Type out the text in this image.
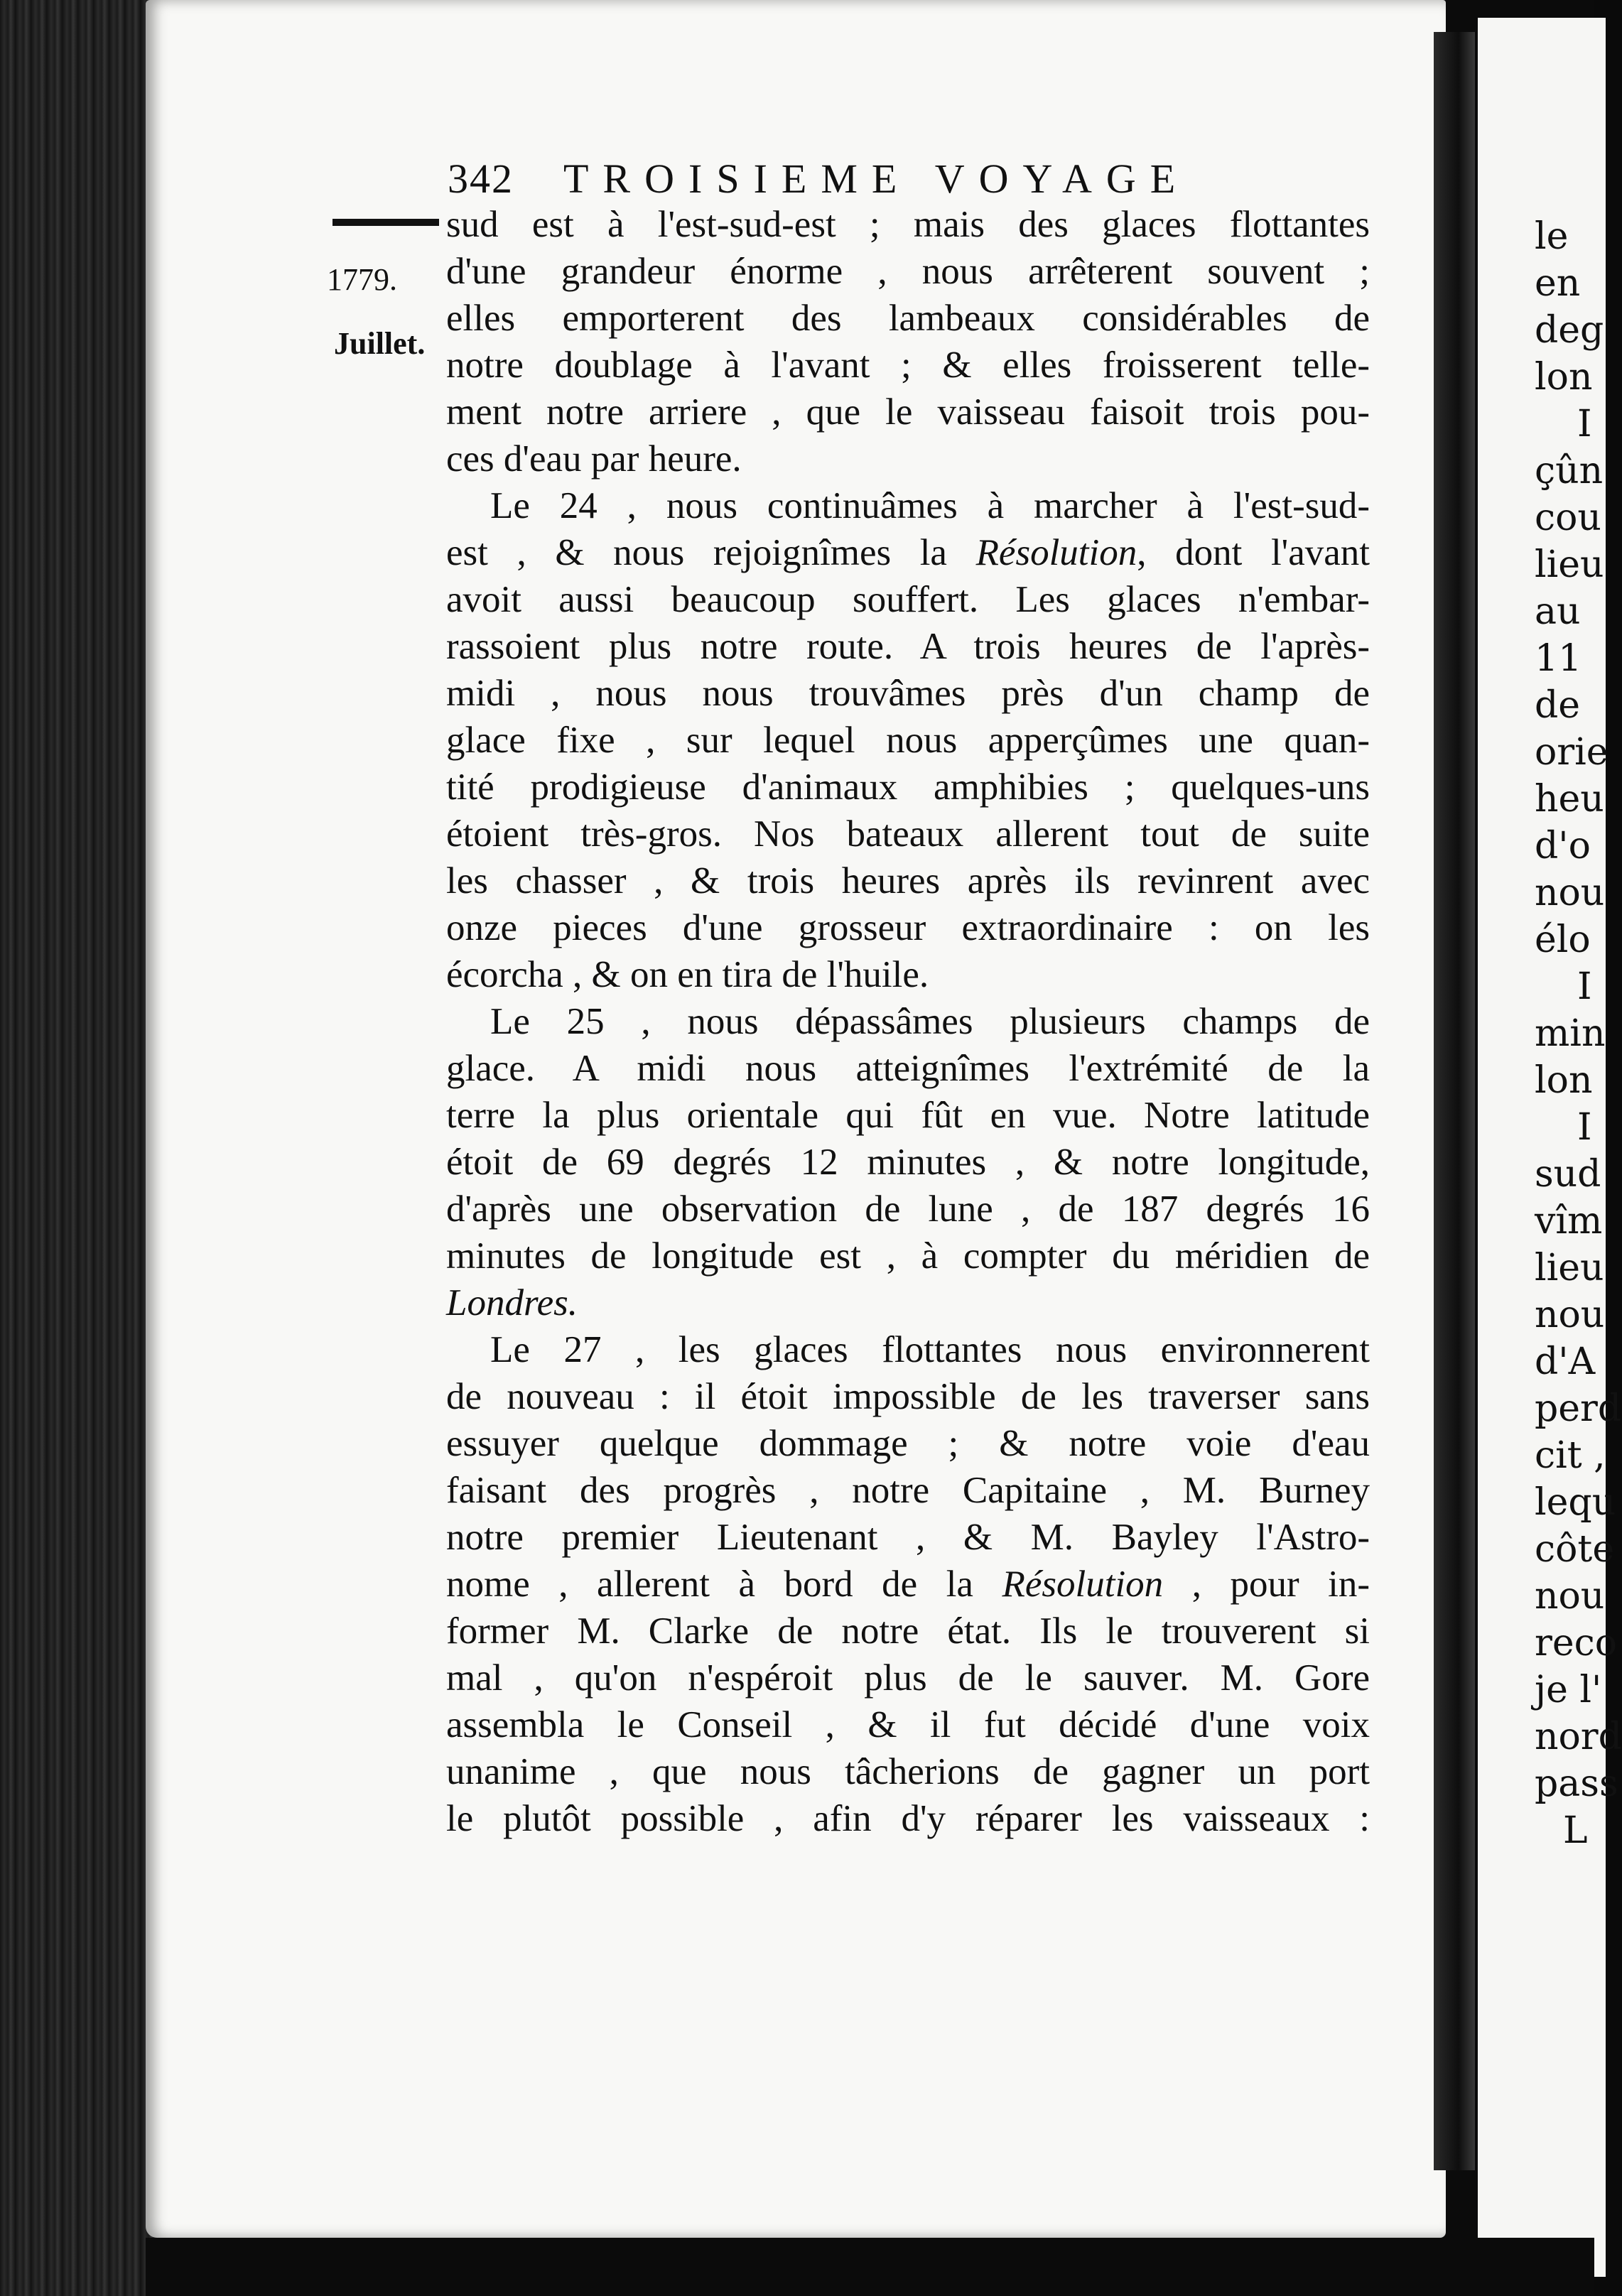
342 TROISIEME VOYAGE
1779.
Juillet.
sud est à l'est-sud-est ; mais des glaces flottantes
d'une grandeur énorme , nous arrêterent souvent ;
elles emporterent des lambeaux considérables de
notre doublage à l'avant ; & elles froisserent telle-
ment notre arriere , que le vaisseau faisoit trois pou-
ces d'eau par heure.
Le 24 , nous continuâmes à marcher à l'est-sud-
est , & nous rejoignîmes la Résolution, dont l'avant
avoit aussi beaucoup souffert. Les glaces n'embar-
rassoient plus notre route. A trois heures de l'après-
midi , nous nous trouvâmes près d'un champ de
glace fixe , sur lequel nous apperçûmes une quan-
tité prodigieuse d'animaux amphibies ; quelques-uns
étoient très-gros. Nos bateaux allerent tout de suite
les chasser , & trois heures après ils revinrent avec
onze pieces d'une grosseur extraordinaire : on les
écorcha , & on en tira de l'huile.
Le 25 , nous dépassâmes plusieurs champs de
glace. A midi nous atteignîmes l'extrémité de la
terre la plus orientale qui fût en vue. Notre latitude
étoit de 69 degrés 12 minutes , & notre longitude,
d'après une observation de lune , de 187 degrés 16
minutes de longitude est , à compter du méridien de
Londres.
Le 27 , les glaces flottantes nous environnerent
de nouveau : il étoit impossible de les traverser sans
essuyer quelque dommage ; & notre voie d'eau
faisant des progrès , notre Capitaine , M. Burney
notre premier Lieutenant , & M. Bayley l'Astro-
nome , allerent à bord de la Résolution , pour in-
former M. Clarke de notre état. Ils le trouverent si
mal , qu'on n'espéroit plus de le sauver. M. Gore
assembla le Conseil , & il fut décidé d'une voix
unanime , que nous tâcherions de gagner un port
le plutôt possible , afin d'y réparer les vaisseaux :
le
en
deg
lon
I
çûn
cou
lieu
au
11
de
orie
heu
d'o
nou
élo
I
min
lon
I
sud
vîm
lieu
nou
d'A
perd
cit ,
lequ
côte
nou
reco
je l'
nord
pass
L
